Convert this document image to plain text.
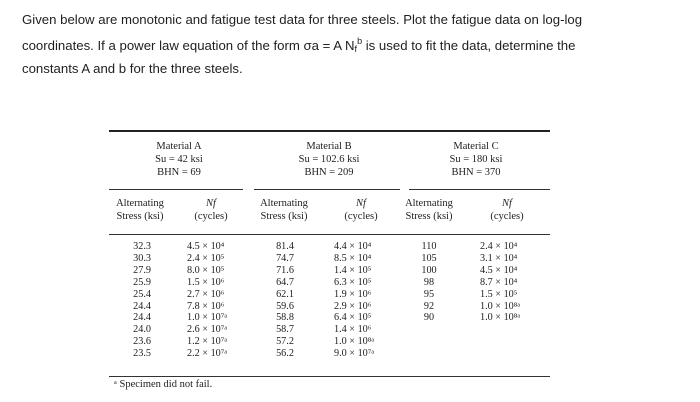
Given below are monotonic and fatigue test data for three steels. Plot the fatigue data on log-log
coordinates. If a power law equation of the form σa = A $N_f^b$ is used to fit the data, determine the
constants A and b for the three steels.
Material A
Su = 42 ksi
BHN = 69
Material B
Su = 102.6 ksi
BHN = 209
Material C
Su = 180 ksi
BHN = 370
Alternating
Stress (ksi)
Nf
(cycles)
Alternating
Stress (ksi)
Nf
(cycles)
Alternating
Stress (ksi)
Nf
(cycles)
32.3
30.3
27.9
25.9
25.4
24.4
24.4
24.0
23.6
23.5
4.5 × 10⁴
2.4 × 10⁵
8.0 × 10⁵
1.5 × 10⁶
2.7 × 10⁶
7.8 × 10⁶
1.0 × 10⁷ᵃ
2.6 × 10⁷ᵃ
1.2 × 10⁷ᵃ
2.2 × 10⁷ᵃ
81.4
74.7
71.6
64.7
62.1
59.6
58.8
58.7
57.2
56.2
4.4 × 10⁴
8.5 × 10⁴
1.4 × 10⁵
6.3 × 10⁵
1.9 × 10⁶
2.9 × 10⁶
6.4 × 10⁵
1.4 × 10⁶
1.0 × 10⁸ᵃ
9.0 × 10⁷ᵃ
110
105
100
98
95
92
90
2.4 × 10⁴
3.1 × 10⁴
4.5 × 10⁴
8.7 × 10⁴
1.5 × 10⁵
1.0 × 10⁸ᵃ
1.0 × 10⁸ᵃ
ᵃ Specimen did not fail.
